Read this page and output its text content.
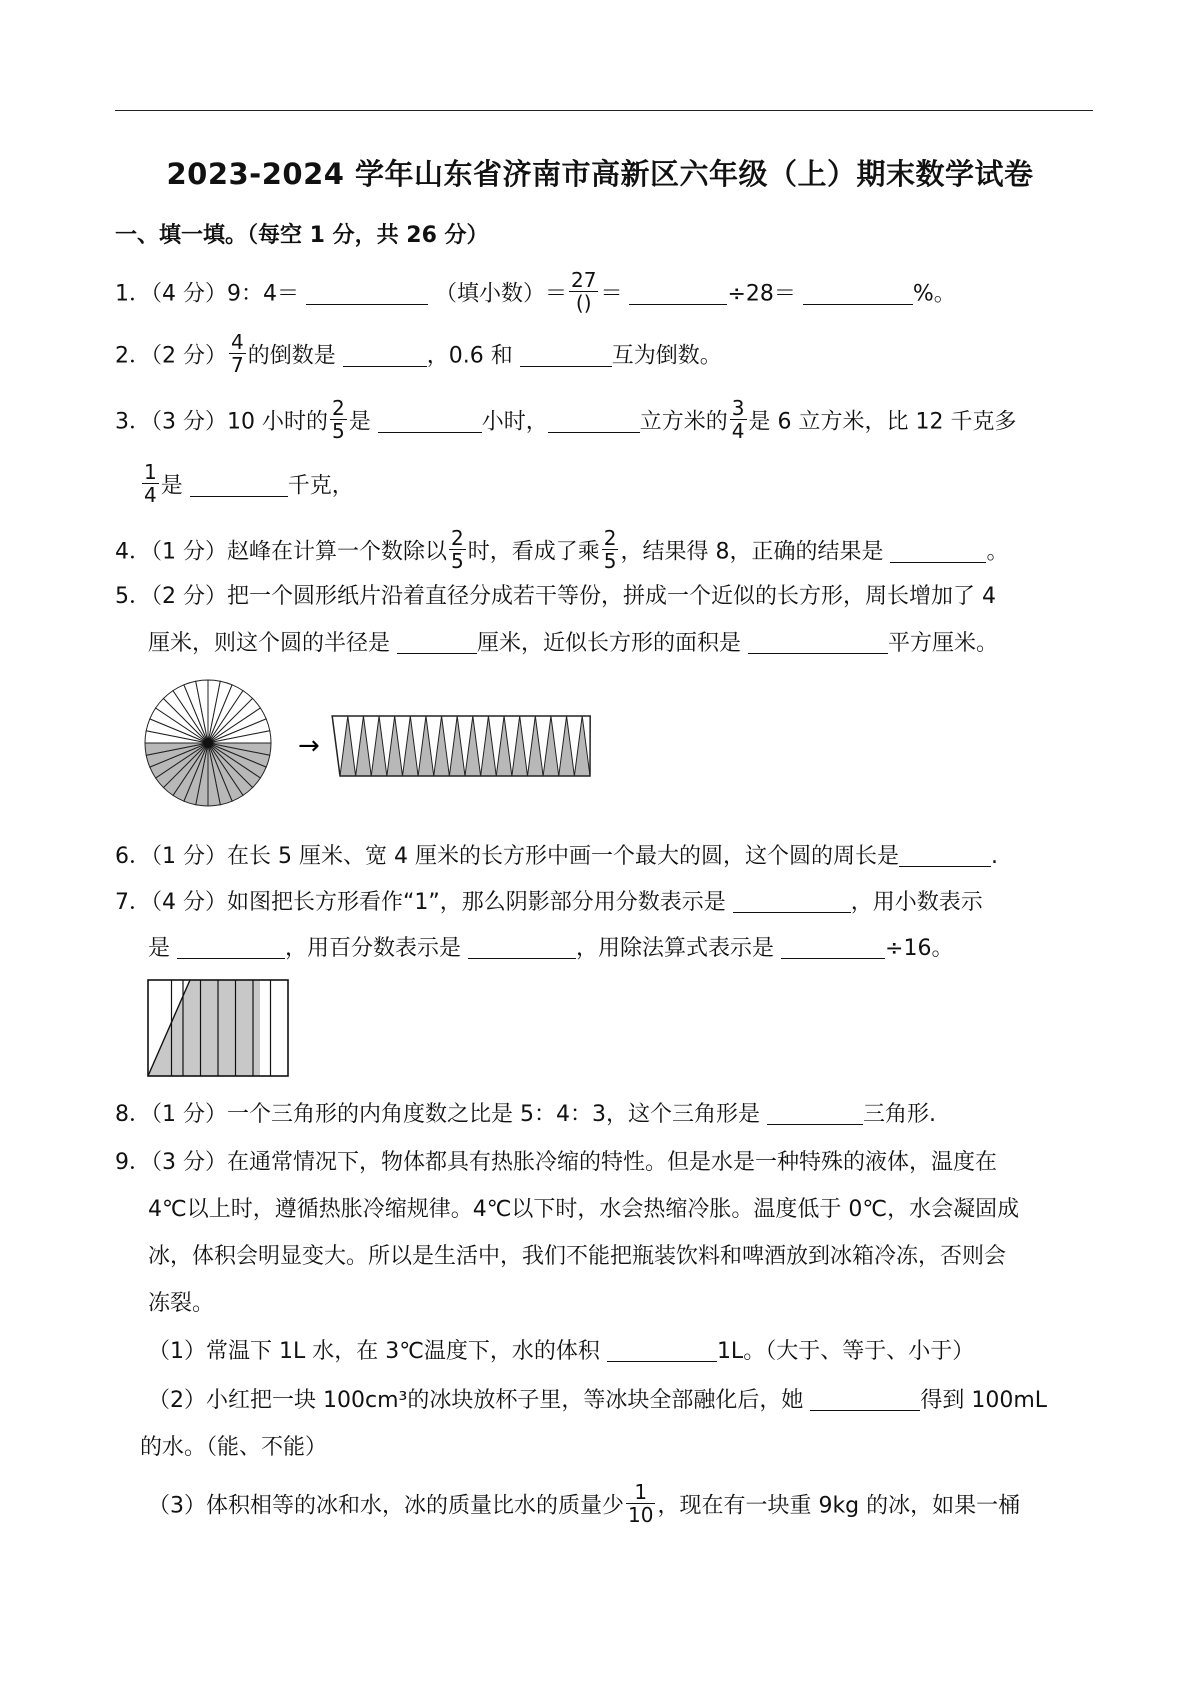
2023-2024 学年山东省济南市高新区六年级（上）期末数学试卷
一、填一填。（每空 1 分，共 26 分）
1．（4 分）9：4＝	（填小数）＝ $\frac{27}{()}$ ＝	÷28＝	%。
2．（2 分） $\frac{4}{7}$ 的倒数是	，0.6 和	互为倒数。
3．（3 分）10 小时的 $\frac{2}{5}$ 是	小时，	立方米的 $\frac{3}{4}$ 是 6 立方米，比 12 千克多
$\frac{1}{4}$ 是	千克，
4．（1 分）赵峰在计算一个数除以 $\frac{2}{5}$ 时，看成了乘 $\frac{2}{5}$ ，结果得 8，正确的结果是	。
5．（2 分）把一个圆形纸片沿着直径分成若干等份，拼成一个近似的长方形，周长增加了 4
厘米，则这个圆的半径是	厘米，近似长方形的面积是	平方厘米。
→
6．（1 分）在长 5 厘米、宽 4 厘米的长方形中画一个最大的圆，这个圆的周长是	.
7．（4 分）如图把长方形看作“1”，那么阴影部分用分数表示是	，用小数表示
是	，用百分数表示是	，用除法算式表示是	÷16。
8．（1 分）一个三角形的内角度数之比是 5：4：3，这个三角形是	三角形.
9．（3 分）在通常情况下，物体都具有热胀冷缩的特性。但是水是一种特殊的液体，温度在
4℃以上时，遵循热胀冷缩规律。4℃以下时，水会热缩冷胀。温度低于 0℃，水会凝固成
冰，体积会明显变大。所以是生活中，我们不能把瓶装饮料和啤酒放到冰箱冷冻，否则会
冻裂。
（1）常温下 1L 水，在 3℃温度下，水的体积	1L。（大于、等于、小于）
（2）小红把一块 100cm³的冰块放杯子里，等冰块全部融化后，她	得到 100mL
的水。（能、不能）
（3）体积相等的冰和水，冰的质量比水的质量少 $\frac{1}{10}$ ，现在有一块重 9kg 的冰，如果一桶
